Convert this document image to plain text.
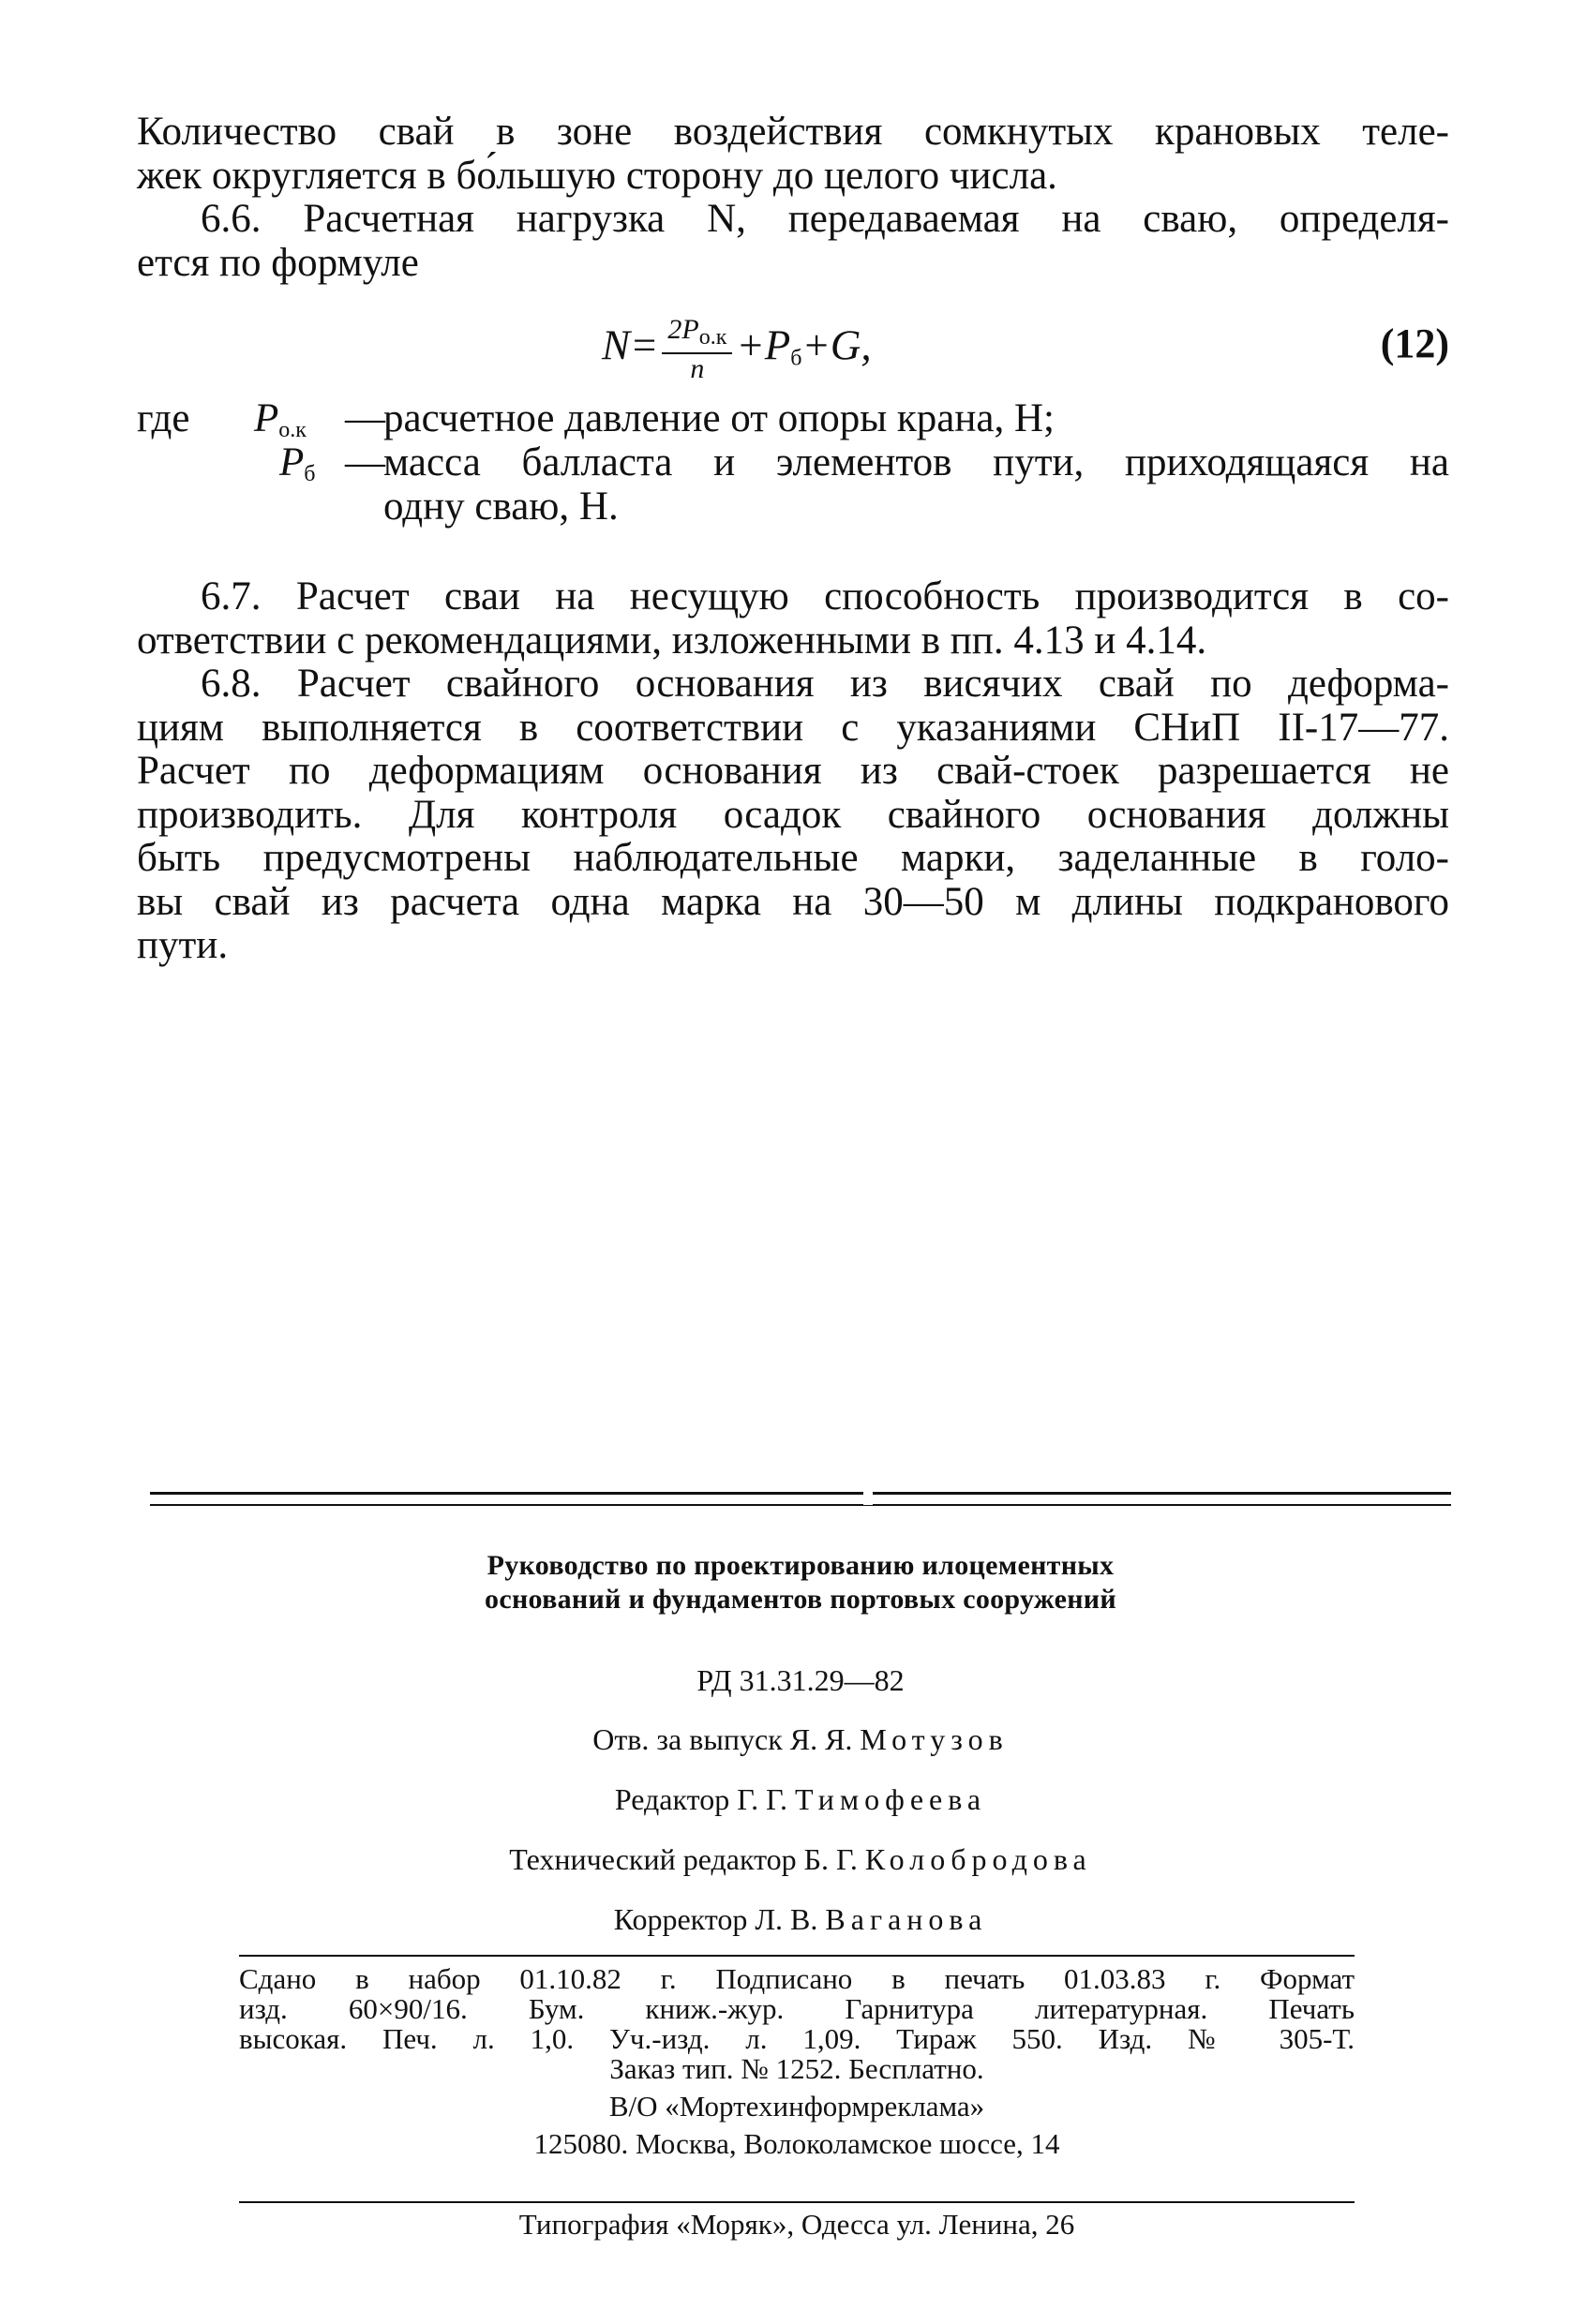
Количество свай в зоне воздействия сомкнутых крановых теле-
жек округляется в бо́льшую сторону до целого числа.
6.6. Расчетная нагрузка N, передаваемая на сваю, определя-
ется по формуле
$N= \frac{2P_{о.к}}{n} +P_б+G$,	(12)
где $P_{о.к}$ —
расчетное давление от опоры крана, Н;
$P_б$ —
масса балласта и элементов пути, приходящаяся на
одну сваю, Н.
6.7. Расчет сваи на несущую способность производится в со-
ответствии с рекомендациями, изложенными в пп. 4.13 и 4.14.
6.8. Расчет свайного основания из висячих свай по деформа-
циям выполняется в соответствии с указаниями СНиП II-17—77.
Расчет по деформациям основания из свай-стоек разрешается не
производить. Для контроля осадок свайного основания должны
быть предусмотрены наблюдательные марки, заделанные в голо-
вы свай из расчета одна марка на 30—50 м длины подкранового
пути.
Руководство по проектированию илоцементных
оснований и фундаментов портовых сооружений
РД 31.31.29—82
Отв. за выпуск Я. Я. Мотузов
Редактор Г. Г. Тимофеева
Технический редактор Б. Г. Колобродова
Корректор Л. В. Ваганова
Сдано в набор 01.10.82 г. Подписано в печать 01.03.83 г. Формат
изд. 60×90/16. Бум. книж.-жур. Гарнитура литературная. Печать
высокая. Печ. л. 1,0. Уч.-изд. л. 1,09. Тираж 550. Изд. № 305-Т.
Заказ тип. № 1252. Бесплатно.
В/О «Мортехинформреклама»
125080. Москва, Волоколамское шоссе, 14
Типография «Моряк», Одесса ул. Ленина, 26
